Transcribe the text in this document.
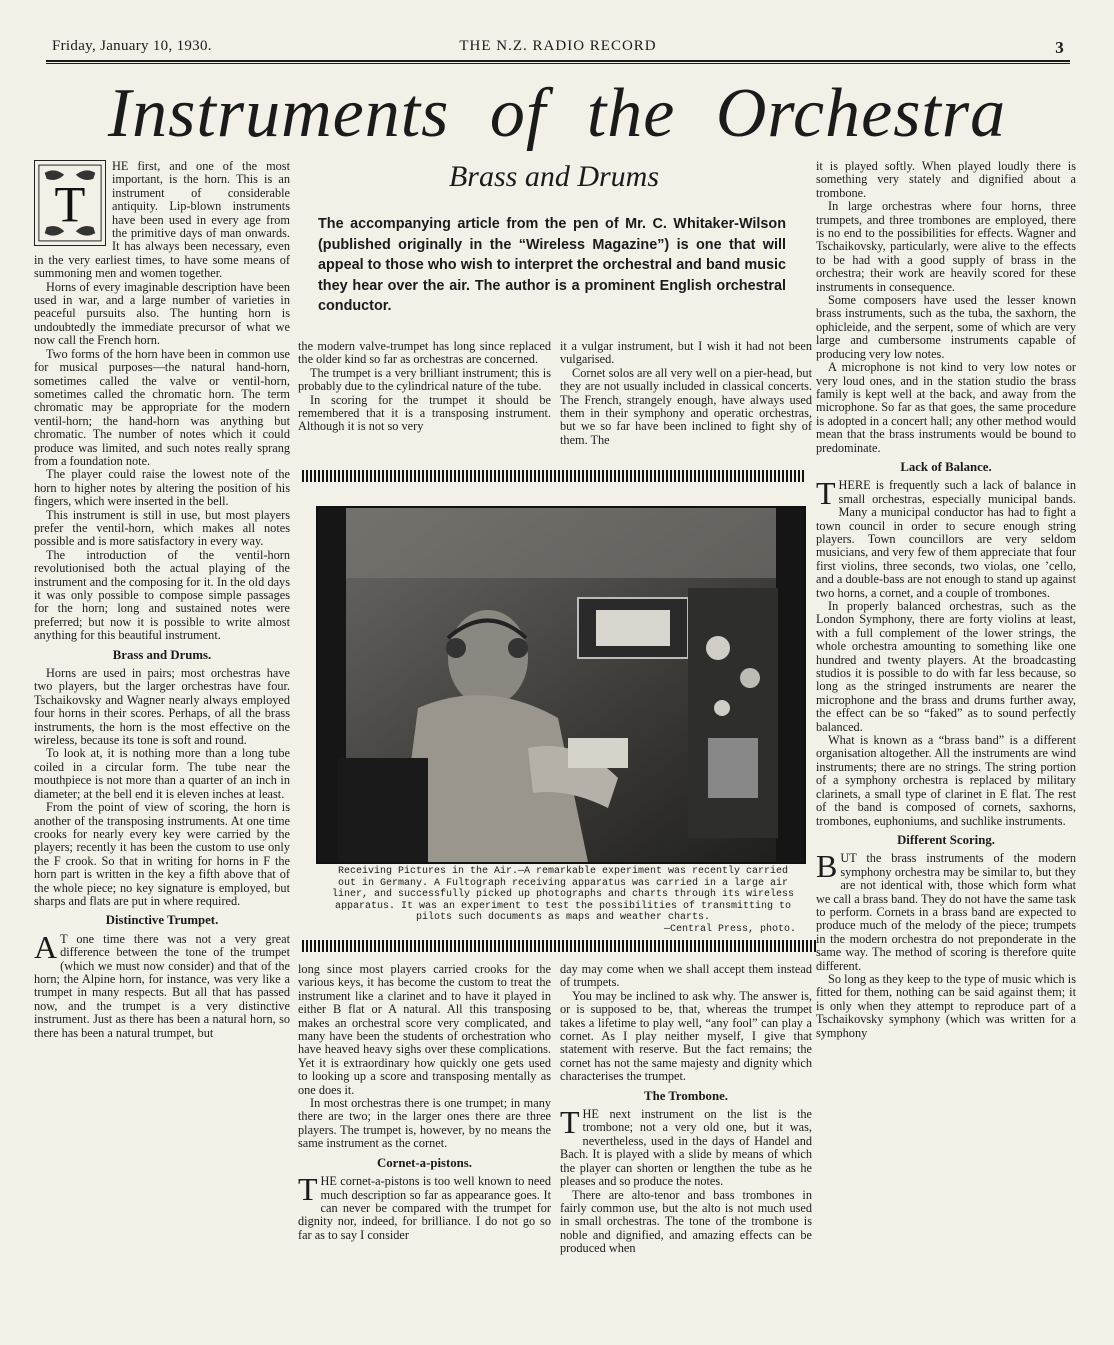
Friday, January 10, 1930.	THE N.Z. RADIO RECORD	3
Instruments of the Orchestra
T

HE first, and one of the most important, is the horn. This is an instrument of considerable antiquity. Lip-blown instruments have been used in every age from the primitive days of man onwards. It has always been necessary, even in the very earliest times, to have some means of summoning men and women together.

Horns of every imaginable description have been used in war, and a large number of varieties in peaceful pursuits also. The hunting horn is undoubtedly the immediate precursor of what we now call the French horn.

Two forms of the horn have been in common use for musical purposes—the natural hand-horn, sometimes called the valve or ventil-horn, sometimes called the chromatic horn. The term chromatic may be appropriate for the modern ventil-horn; the hand-horn was anything but chromatic. The number of notes which it could produce was limited, and such notes really sprang from a foundation note.

The player could raise the lowest note of the horn to higher notes by altering the position of his fingers, which were inserted in the bell.

This instrument is still in use, but most players prefer the ventil-horn, which makes all notes possible and is more satisfactory in every way.

The introduction of the ventil-horn revolutionised both the actual playing of the instrument and the composing for it. In the old days it was only possible to compose simple passages for the horn; long and sustained notes were preferred; but now it is possible to write almost anything for this beautiful instrument.

Brass and Drums.

Horns are used in pairs; most orchestras have two players, but the larger orchestras have four. Tschaikovsky and Wagner nearly always employed four horns in their scores. Perhaps, of all the brass instruments, the horn is the most effective on the wireless, because its tone is soft and round.

To look at, it is nothing more than a long tube coiled in a circular form. The tube near the mouthpiece is not more than a quarter of an inch in diameter; at the bell end it is eleven inches at least.

From the point of view of scoring, the horn is another of the transposing instruments. At one time crooks for nearly every key were carried by the players; recently it has been the custom to use only the F crook. So that in writing for horns in F the horn part is written in the key a fifth above that of the whole piece; no key signature is employed, but sharps and flats are put in where required.

Distinctive Trumpet.

A T one time there was not a very great difference between the tone of the trumpet (which we must now consider) and that of the horn; the Alpine horn, for instance, was very like a trumpet in many respects. But all that has passed now, and the trumpet is a very distinctive instrument. Just as there has been a natural horn, so there has been a natural trumpet, but

Brass and Drums
The accompanying article from the pen of Mr. C. Whitaker-Wilson (published originally in the “Wireless Magazine”) is one that will appeal to those who wish to interpret the orchestral and band music they hear over the air. The author is a prominent English orchestral conductor.

the modern valve-trumpet has long since replaced the older kind so far as orchestras are concerned.

The trumpet is a very brilliant instrument; this is probably due to the cylindrical nature of the tube.

In scoring for the trumpet it should be remembered that it is a transposing instrument. Although it is not so very

it a vulgar instrument, but I wish it had not been vulgarised.

Cornet solos are all very well on a pier-head, but they are not usually included in classical concerts. The French, strangely enough, have always used them in their symphony and operatic orchestras, but we so far have been inclined to fight shy of them. The

Receiving Pictures in the Air.—A remarkable experiment was recently carried out in Germany. A Fultograph receiving apparatus was carried in a large air liner, and successfully picked up photographs and charts through its wireless apparatus. It was an experiment to test the possibilities of transmitting to pilots such documents as maps and weather charts.
—Central Press, photo.

long since most players carried crooks for the various keys, it has become the custom to treat the instrument like a clarinet and to have it played in either B flat or A natural. All this transposing makes an orchestral score very complicated, and many have been the students of orchestration who have heaved heavy sighs over these complications. Yet it is extraordinary how quickly one gets used to looking up a score and transposing mentally as one does it.

In most orchestras there is one trumpet; in many there are two; in the larger ones there are three players. The trumpet is, however, by no means the same instrument as the cornet.

Cornet-a-pistons.

THE cornet-a-pistons is too well known to need much description so far as appearance goes. It can never be compared with the trumpet for dignity nor, indeed, for brilliance. I do not go so far as to say I consider

day may come when we shall accept them instead of trumpets.

You may be inclined to ask why. The answer is, or is supposed to be, that, whereas the trumpet takes a lifetime to play well, “any fool” can play a cornet. As I play neither myself, I give that statement with reserve. But the fact remains; the cornet has not the same majesty and dignity which characterises the trumpet.

The Trombone.

THE next instrument on the list is the trombone; not a very old one, but it was, nevertheless, used in the days of Handel and Bach. It is played with a slide by means of which the player can shorten or lengthen the tube as he pleases and so produce the notes.

There are alto-tenor and bass trombones in fairly common use, but the alto is not much used in small orchestras. The tone of the trombone is noble and dignified, and amazing effects can be produced when

it is played softly. When played loudly there is something very stately and dignified about a trombone.

In large orchestras where four horns, three trumpets, and three trombones are employed, there is no end to the possibilities for effects. Wagner and Tschaikovsky, particularly, were alive to the effects to be had with a good supply of brass in the orchestra; their work are heavily scored for these instruments in consequence.

Some composers have used the lesser known brass instruments, such as the tuba, the saxhorn, the ophicleide, and the serpent, some of which are very large and cumbersome instruments capable of producing very low notes.

A microphone is not kind to very low notes or very loud ones, and in the station studio the brass family is kept well at the back, and away from the microphone. So far as that goes, the same procedure is adopted in a concert hall; any other method would mean that the brass instruments would be bound to predominate.

Lack of Balance.

THERE is frequently such a lack of balance in small orchestras, especially municipal bands. Many a municipal conductor has had to fight a town council in order to secure enough string players. Town councillors are very seldom musicians, and very few of them appreciate that four first violins, three seconds, two violas, one ’cello, and a double-bass are not enough to stand up against two horns, a cornet, and a couple of trombones.

In properly balanced orchestras, such as the London Symphony, there are forty violins at least, with a full complement of the lower strings, the whole orchestra amounting to something like one hundred and twenty players. At the broadcasting studios it is possible to do with far less because, so long as the stringed instruments are nearer the microphone and the brass and drums further away, the effect can be so “faked” as to sound perfectly balanced.

What is known as a “brass band” is a different organisation altogether. All the instruments are wind instruments; there are no strings. The string portion of a symphony orchestra is replaced by military clarinets, a small type of clarinet in E flat. The rest of the band is composed of cornets, saxhorns, trombones, euphoniums, and suchlike instruments.

Different Scoring.

BUT the brass instruments of the modern symphony orchestra may be similar to, but they are not identical with, those which form what we call a brass band. They do not have the same task to perform. Cornets in a brass band are expected to produce much of the melody of the piece; trumpets in the modern orchestra do not preponderate in the same way. The method of scoring is therefore quite different.

So long as they keep to the type of music which is fitted for them, nothing can be said against them; it is only when they attempt to reproduce part of a Tschaikovsky symphony (which was written for a symphony
